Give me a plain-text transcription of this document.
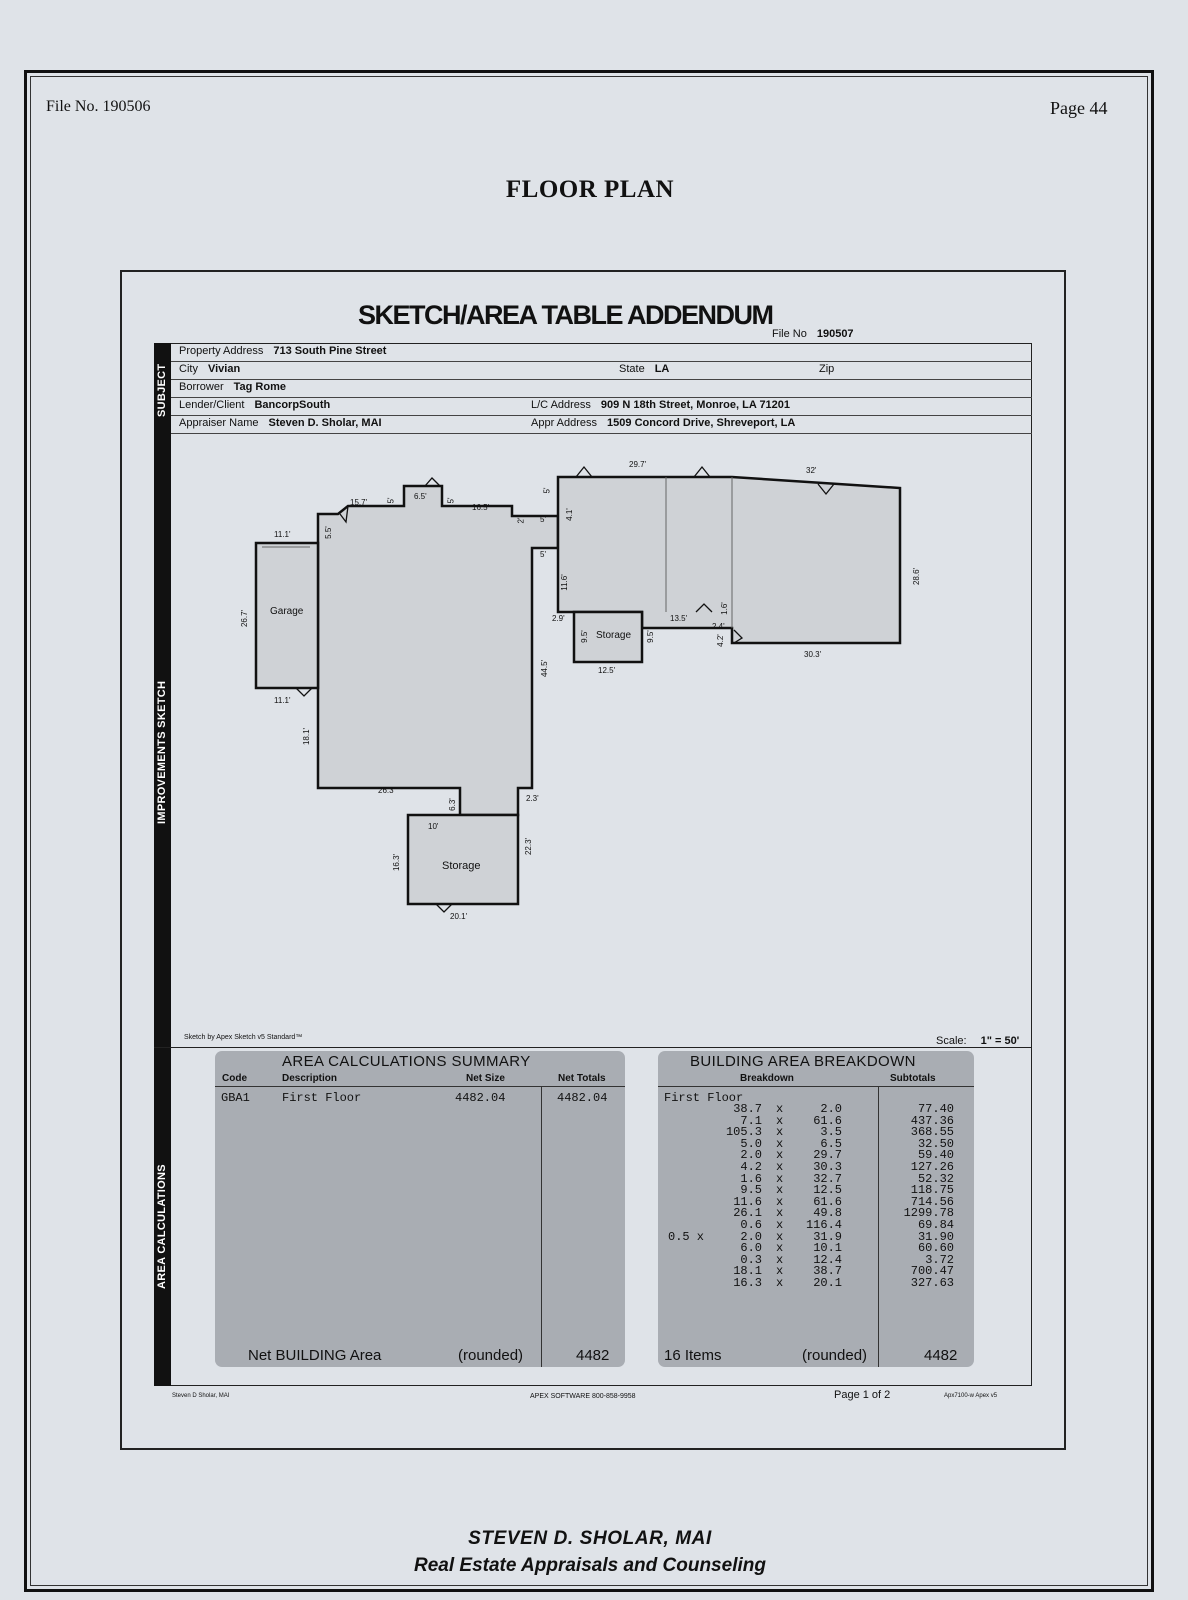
File No. 190506	Page 44
FLOOR PLAN
SKETCH/AREA TABLE ADDENDUM
File No 190507
SUBJECT
IMPROVEMENTS SKETCH
AREA CALCULATIONS
Property Address 713 South Pine Street
City Vivian	State LA	Zip
Borrower Tag Rome
Lender/Client BancorpSouth	L/C Address 909 N 18th Street, Monroe, LA 71201
Appraiser Name Steven D. Sholar, MAI	Appr Address 1509 Concord Drive, Shreveport, LA
Garage
Storage
Storage
29.7'
32'
28.6'
30.3'
15.7' 5' 6.5' 5'
16.5'
2' 5'
5'
4.1'
5'
11.6'
11.1'	5.5'
26.7'
11.1'
18.1'
26.3'
6.3'	2.3'
44.5'
10'
16.3'
22.3'
20.1'
2.9'
9.5'	9.5'
12.5'
13.5'
1.6'
2.4'
4.2'
Sketch by Apex Sketch v5 Standard™	Scale: 1" = 50'
AREA CALCULATIONS SUMMARY
Code	Description	Net Size	Net Totals
GBA1	First Floor	4482.04	4482.04
Net BUILDING Area	(rounded)	4482
BUILDING AREA BREAKDOWN
Breakdown	Subtotals
First Floor
38.7 x	2.0	77.40
7.1 x 61.6	437.36
105.3 x	3.5	368.55
5.0 x	6.5	32.50
2.0 x 29.7	59.40
4.2 x 30.3	127.26
1.6 x 32.7	52.32
9.5 x 12.5	118.75
11.6 x 61.6	714.56
26.1 x 49.8	1299.78
0.6 x 116.4	69.84
0.5 x	2.0 x 31.9	31.90
6.0 x 10.1	60.60
0.3 x 12.4	3.72
18.1 x 38.7	700.47
16.3 x 20.1	327.63
16 Items	(rounded)	4482
Steven D Sholar, MAI	APEX SOFTWARE 800-858-9958	Page 1 of 2	Apx7100-w Apex v5
STEVEN D. SHOLAR, MAI
Real Estate Appraisals and Counseling
